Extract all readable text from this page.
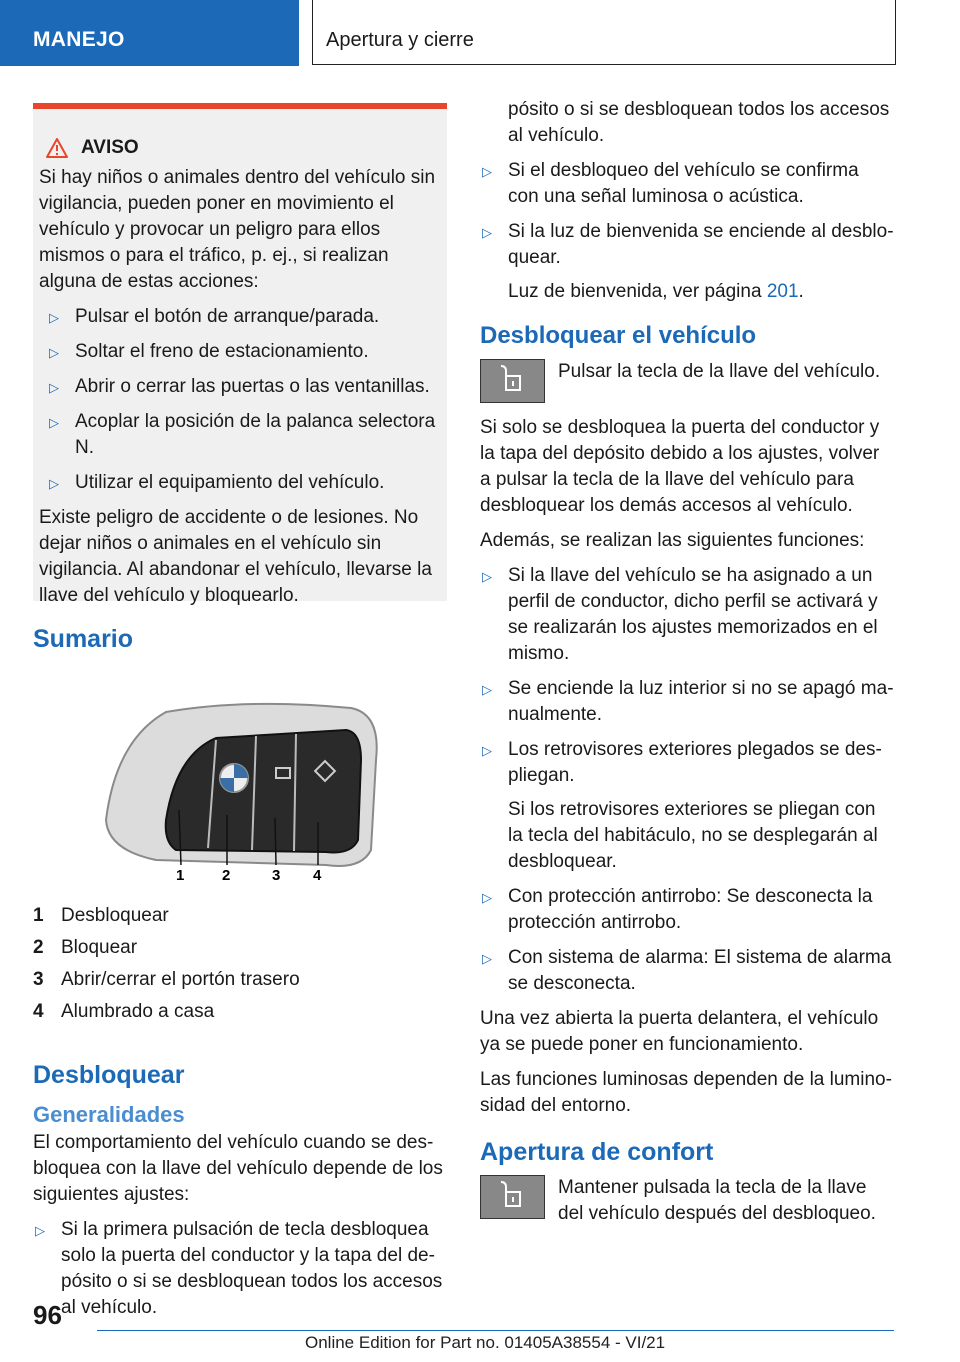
MANEJO	Apertura y cierre
AVISO

Si hay niños o animales dentro del vehículo sin vigilancia, pueden poner en movimiento el vehículo y provocar un peligro para ellos mismos o para el tráfico, p. ej., si realizan alguna de estas acciones:

▷ Pulsar el botón de arranque/parada.
▷ Soltar el freno de estacionamiento.
▷ Abrir o cerrar las puertas o las ventanillas.
▷ Acoplar la posición de la palanca selectora N.
▷ Utilizar el equipamiento del vehículo.

Existe peligro de accidente o de lesiones. No dejar niños o animales en el vehículo sin vigilancia. Al abandonar el vehículo, llevarse la llave del vehículo y bloquearlo.

Sumario
1	2	3 4
1 Desbloquear
2 Bloquear
3 Abrir/cerrar el portón trasero
4 Alumbrado a casa
Desbloquear
Generalidades

El comportamiento del vehículo cuando se desbloquea con la llave del vehículo depende de los siguientes ajustes:

▷ Si la primera pulsación de tecla desbloquea solo la puerta del conductor y la tapa del depósito o si se desbloquean todos los accesos al vehículo.
pósito o si se desbloquean todos los accesos al vehículo.
▷ Si el desbloqueo del vehículo se confirma con una señal luminosa o acústica.
▷ Si la luz de bienvenida se enciende al desbloquear.

Luz de bienvenida, ver página 201.

Desbloquear el vehículo
Pulsar la tecla de la llave del vehículo.

Si solo se desbloquea la puerta del conductor y la tapa del depósito debido a los ajustes, volver a pulsar la tecla de la llave del vehículo para desbloquear los demás accesos al vehículo.

Además, se realizan las siguientes funciones:

▷ Si la llave del vehículo se ha asignado a un perfil de conductor, dicho perfil se activará y se realizarán los ajustes memorizados en el mismo.
▷ Se enciende la luz interior si no se apagó manualmente.
▷ Los retrovisores exteriores plegados se despliegan.

Si los retrovisores exteriores se pliegan con la tecla del habitáculo, no se desplegarán al desbloquear.

▷ Con protección antirrobo: Se desconecta la protección antirrobo.
▷ Con sistema de alarma: El sistema de alarma se desconecta.

Una vez abierta la puerta delantera, el vehículo ya se puede poner en funcionamiento.

Las funciones luminosas dependen de la luminosidad del entorno.

Apertura de confort
Mantener pulsada la tecla de la llave del vehículo después del desbloqueo.
96
Online Edition for Part no. 01405A38554 - VI/21
